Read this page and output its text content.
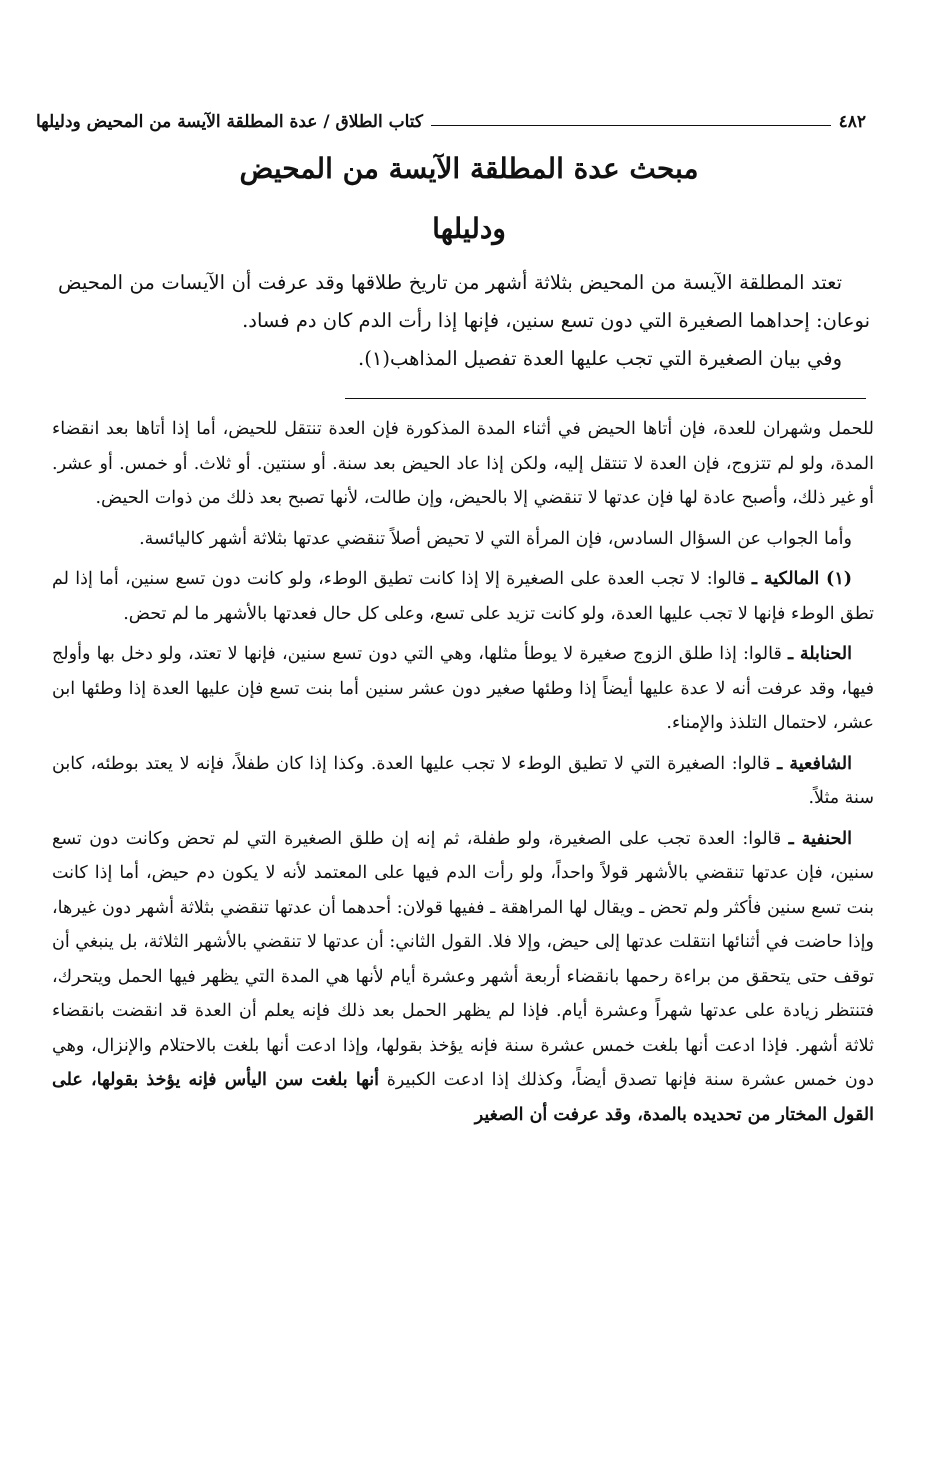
٤٨٢
كتاب الطلاق / عدة المطلقة الآيسة من المحيض ودليلها
مبحث عدة المطلقة الآيسة من المحيض
ودليلها

تعتد المطلقة الآيسة من المحيض بثلاثة أشهر من تاريخ طلاقها وقد عرفت أن الآيسات من المحيض نوعان: إحداهما الصغيرة التي دون تسع سنين، فإنها إذا رأت الدم كان دم فساد.

وفي بيان الصغيرة التي تجب عليها العدة تفصيل المذاهب(١).

للحمل وشهران للعدة، فإن أتاها الحيض في أثناء المدة المذكورة فإن العدة تنتقل للحيض، أما إذا أتاها بعد انقضاء المدة، ولو لم تتزوج، فإن العدة لا تنتقل إليه، ولكن إذا عاد الحيض بعد سنة. أو سنتين. أو ثلاث. أو خمس. أو عشر. أو غير ذلك، وأصبح عادة لها فإن عدتها لا تنقضي إلا بالحيض، وإن طالت، لأنها تصبح بعد ذلك من ذوات الحيض.

وأما الجواب عن السؤال السادس، فإن المرأة التي لا تحيض أصلاً تنقضي عدتها بثلاثة أشهر كاليائسة.

(١) المالكية ـ قالوا: لا تجب العدة على الصغيرة إلا إذا كانت تطيق الوطء، ولو كانت دون تسع سنين، أما إذا لم تطق الوطء فإنها لا تجب عليها العدة، ولو كانت تزيد على تسع، وعلى كل حال فعدتها بالأشهر ما لم تحض.

الحنابلة ـ قالوا: إذا طلق الزوج صغيرة لا يوطأ مثلها، وهي التي دون تسع سنين، فإنها لا تعتد، ولو دخل بها وأولج فيها، وقد عرفت أنه لا عدة عليها أيضاً إذا وطئها صغير دون عشر سنين أما بنت تسع فإن عليها العدة إذا وطئها ابن عشر، لاحتمال التلذذ والإمناء.

الشافعية ـ قالوا: الصغيرة التي لا تطيق الوطء لا تجب عليها العدة. وكذا إذا كان طفلاً، فإنه لا يعتد بوطئه، كابن سنة مثلاً.

الحنفية ـ قالوا: العدة تجب على الصغيرة، ولو طفلة، ثم إنه إن طلق الصغيرة التي لم تحض وكانت دون تسع سنين، فإن عدتها تنقضي بالأشهر قولاً واحداً، ولو رأت الدم فيها على المعتمد لأنه لا يكون دم حيض، أما إذا كانت بنت تسع سنين فأكثر ولم تحض ـ ويقال لها المراهقة ـ ففيها قولان: أحدهما أن عدتها تنقضي بثلاثة أشهر دون غيرها، وإذا حاضت في أثنائها انتقلت عدتها إلى حيض، وإلا فلا. القول الثاني: أن عدتها لا تنقضي بالأشهر الثلاثة، بل ينبغي أن توقف حتى يتحقق من براءة رحمها بانقضاء أربعة أشهر وعشرة أيام لأنها هي المدة التي يظهر فيها الحمل ويتحرك، فتنتظر زيادة على عدتها شهراً وعشرة أيام. فإذا لم يظهر الحمل بعد ذلك فإنه يعلم أن العدة قد انقضت بانقضاء ثلاثة أشهر. فإذا ادعت أنها بلغت خمس عشرة سنة فإنه يؤخذ بقولها، وإذا ادعت أنها بلغت بالاحتلام والإنزال، وهي دون خمس عشرة سنة فإنها تصدق أيضاً، وكذلك إذا ادعت الكبيرة أنها بلغت سن اليأس فإنه يؤخذ بقولها، على القول المختار من تحديده بالمدة، وقد عرفت أن الصغير
